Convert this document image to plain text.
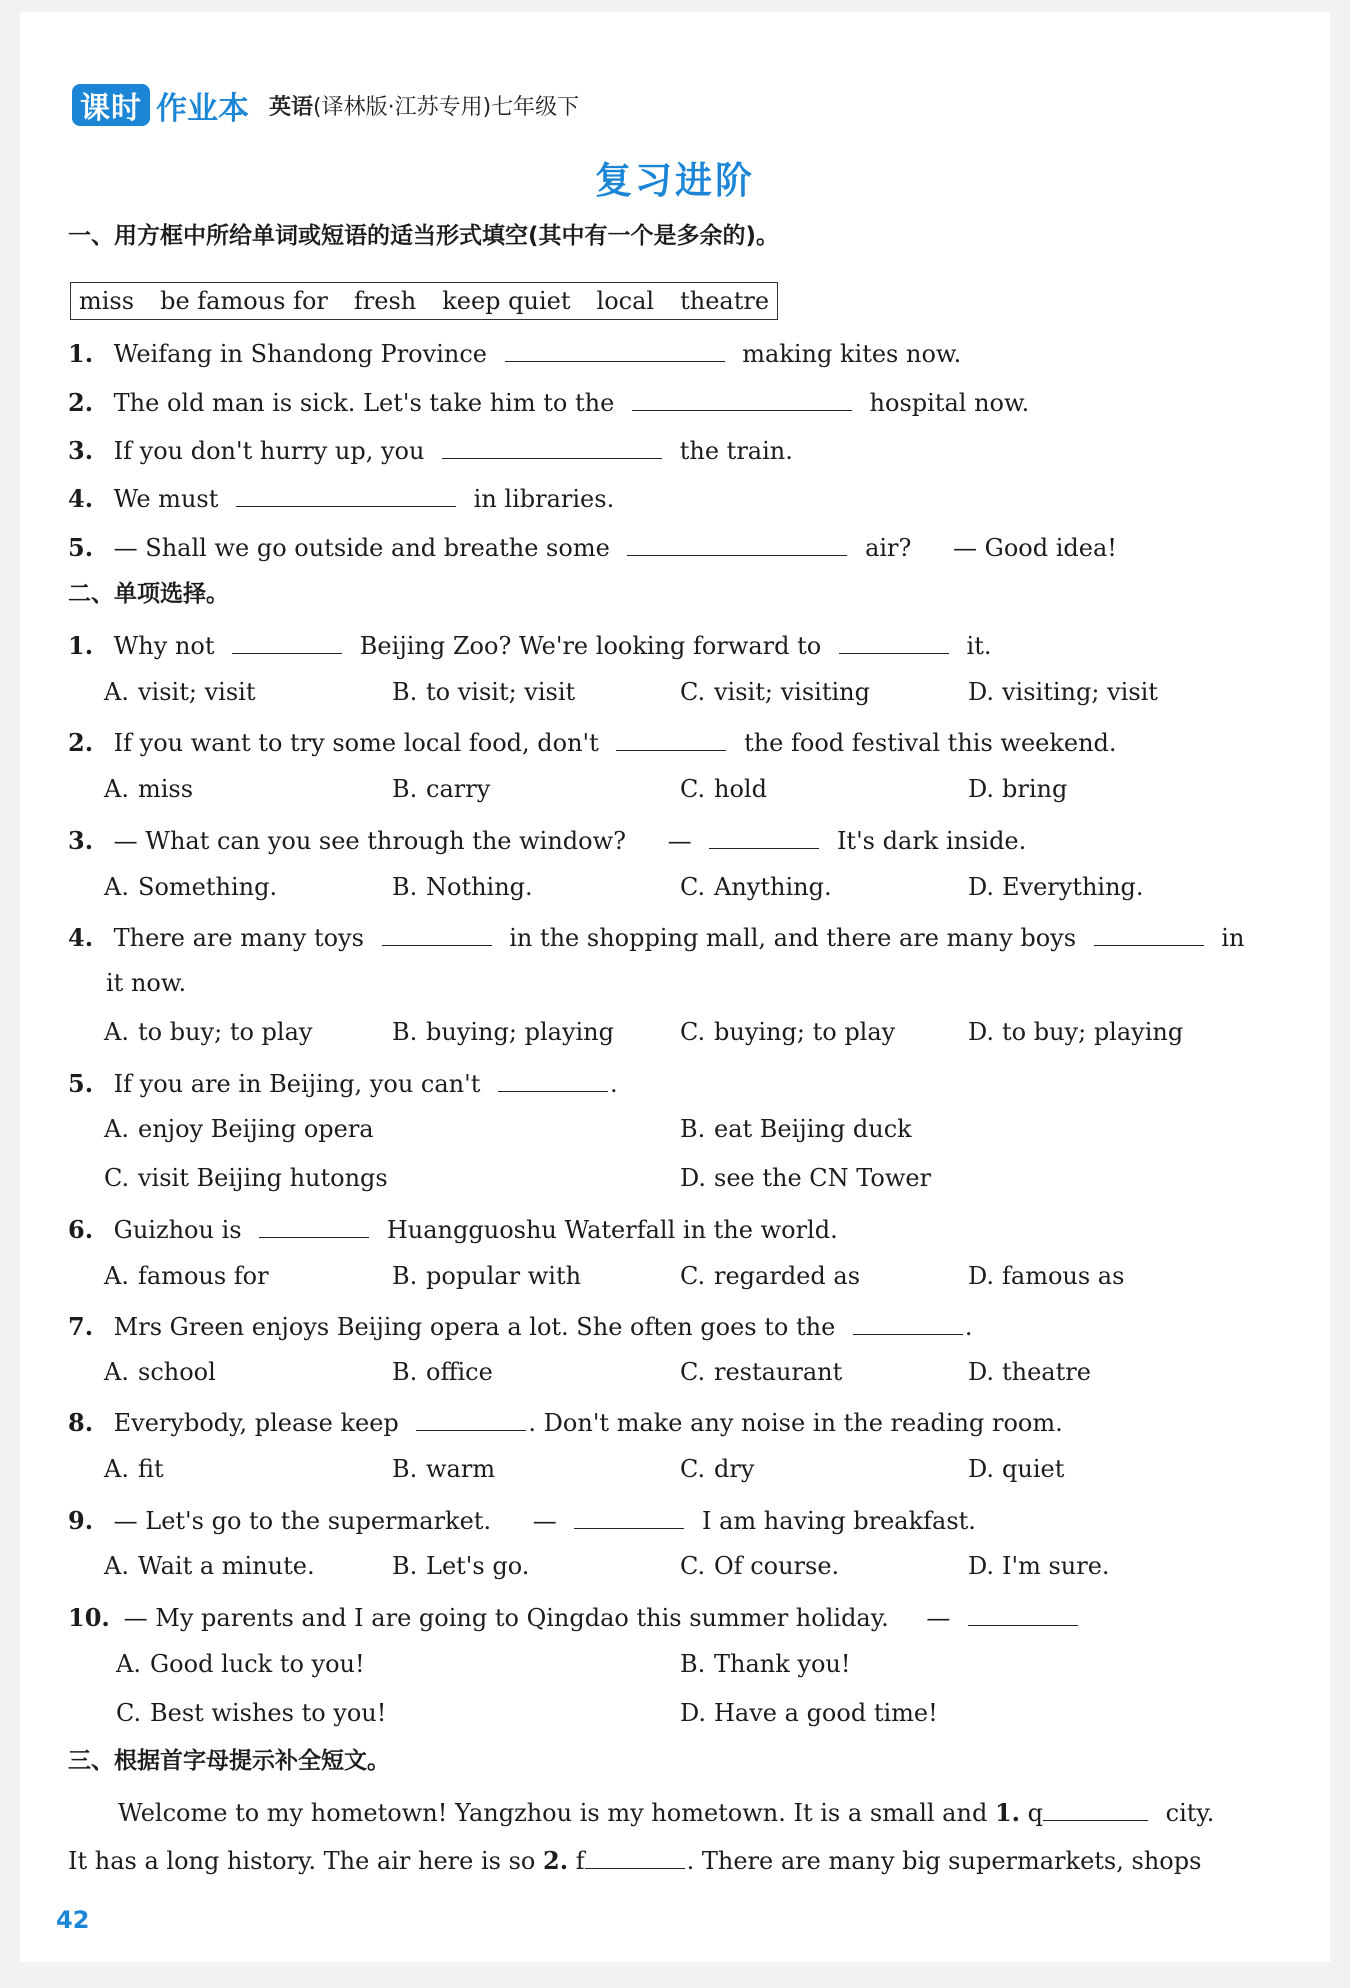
课时 作业本 英语(译林版·江苏专用)七年级下
复习进阶
一、用方框中所给单词或短语的适当形式填空(其中有一个是多余的)。
miss be famous for fresh keep quiet local theatre
1. Weifang in Shandong Province	making kites now.
2. The old man is sick. Let's take him to the	hospital now.
3. If you don't hurry up, you	the train.
4. We must	in libraries.
5. — Shall we go outside and breathe some	air? — Good idea!
二、单项选择。
1. Why not	Beijing Zoo? We're looking forward to	it.
A. visit; visit	B. to visit; visit	C. visit; visiting	D. visiting; visit
2. If you want to try some local food, don't	the food festival this weekend.
A. miss	B. carry	C. hold	D. bring
3. — What can you see through the window? —	It's dark inside.
A. Something.	B. Nothing.	C. Anything.	D. Everything.
4. There are many toys	in the shopping mall, and there are many boys	in
it now.
A. to buy; to play	B. buying; playing	C. buying; to play	D. to buy; playing
5. If you are in Beijing, you can't	.
A. enjoy Beijing opera	B. eat Beijing duck
C. visit Beijing hutongs	D. see the CN Tower
6. Guizhou is	Huangguoshu Waterfall in the world.
A. famous for	B. popular with	C. regarded as	D. famous as
7. Mrs Green enjoys Beijing opera a lot. She often goes to the	.
A. school	B. office	C. restaurant	D. theatre
8. Everybody, please keep	. Don't make any noise in the reading room.
A. fit	B. warm	C. dry	D. quiet
9. — Let's go to the supermarket. —	I am having breakfast.
A. Wait a minute.	B. Let's go.	C. Of course.	D. I'm sure.
10. — My parents and I are going to Qingdao this summer holiday. —
A. Good luck to you!	B. Thank you!
C. Best wishes to you!	D. Have a good time!
三、根据首字母提示补全短文。
Welcome to my hometown! Yangzhou is my hometown. It is a small and 1. q	city.
It has a long history. The air here is so 2. f	. There are many big supermarkets, shops
42
